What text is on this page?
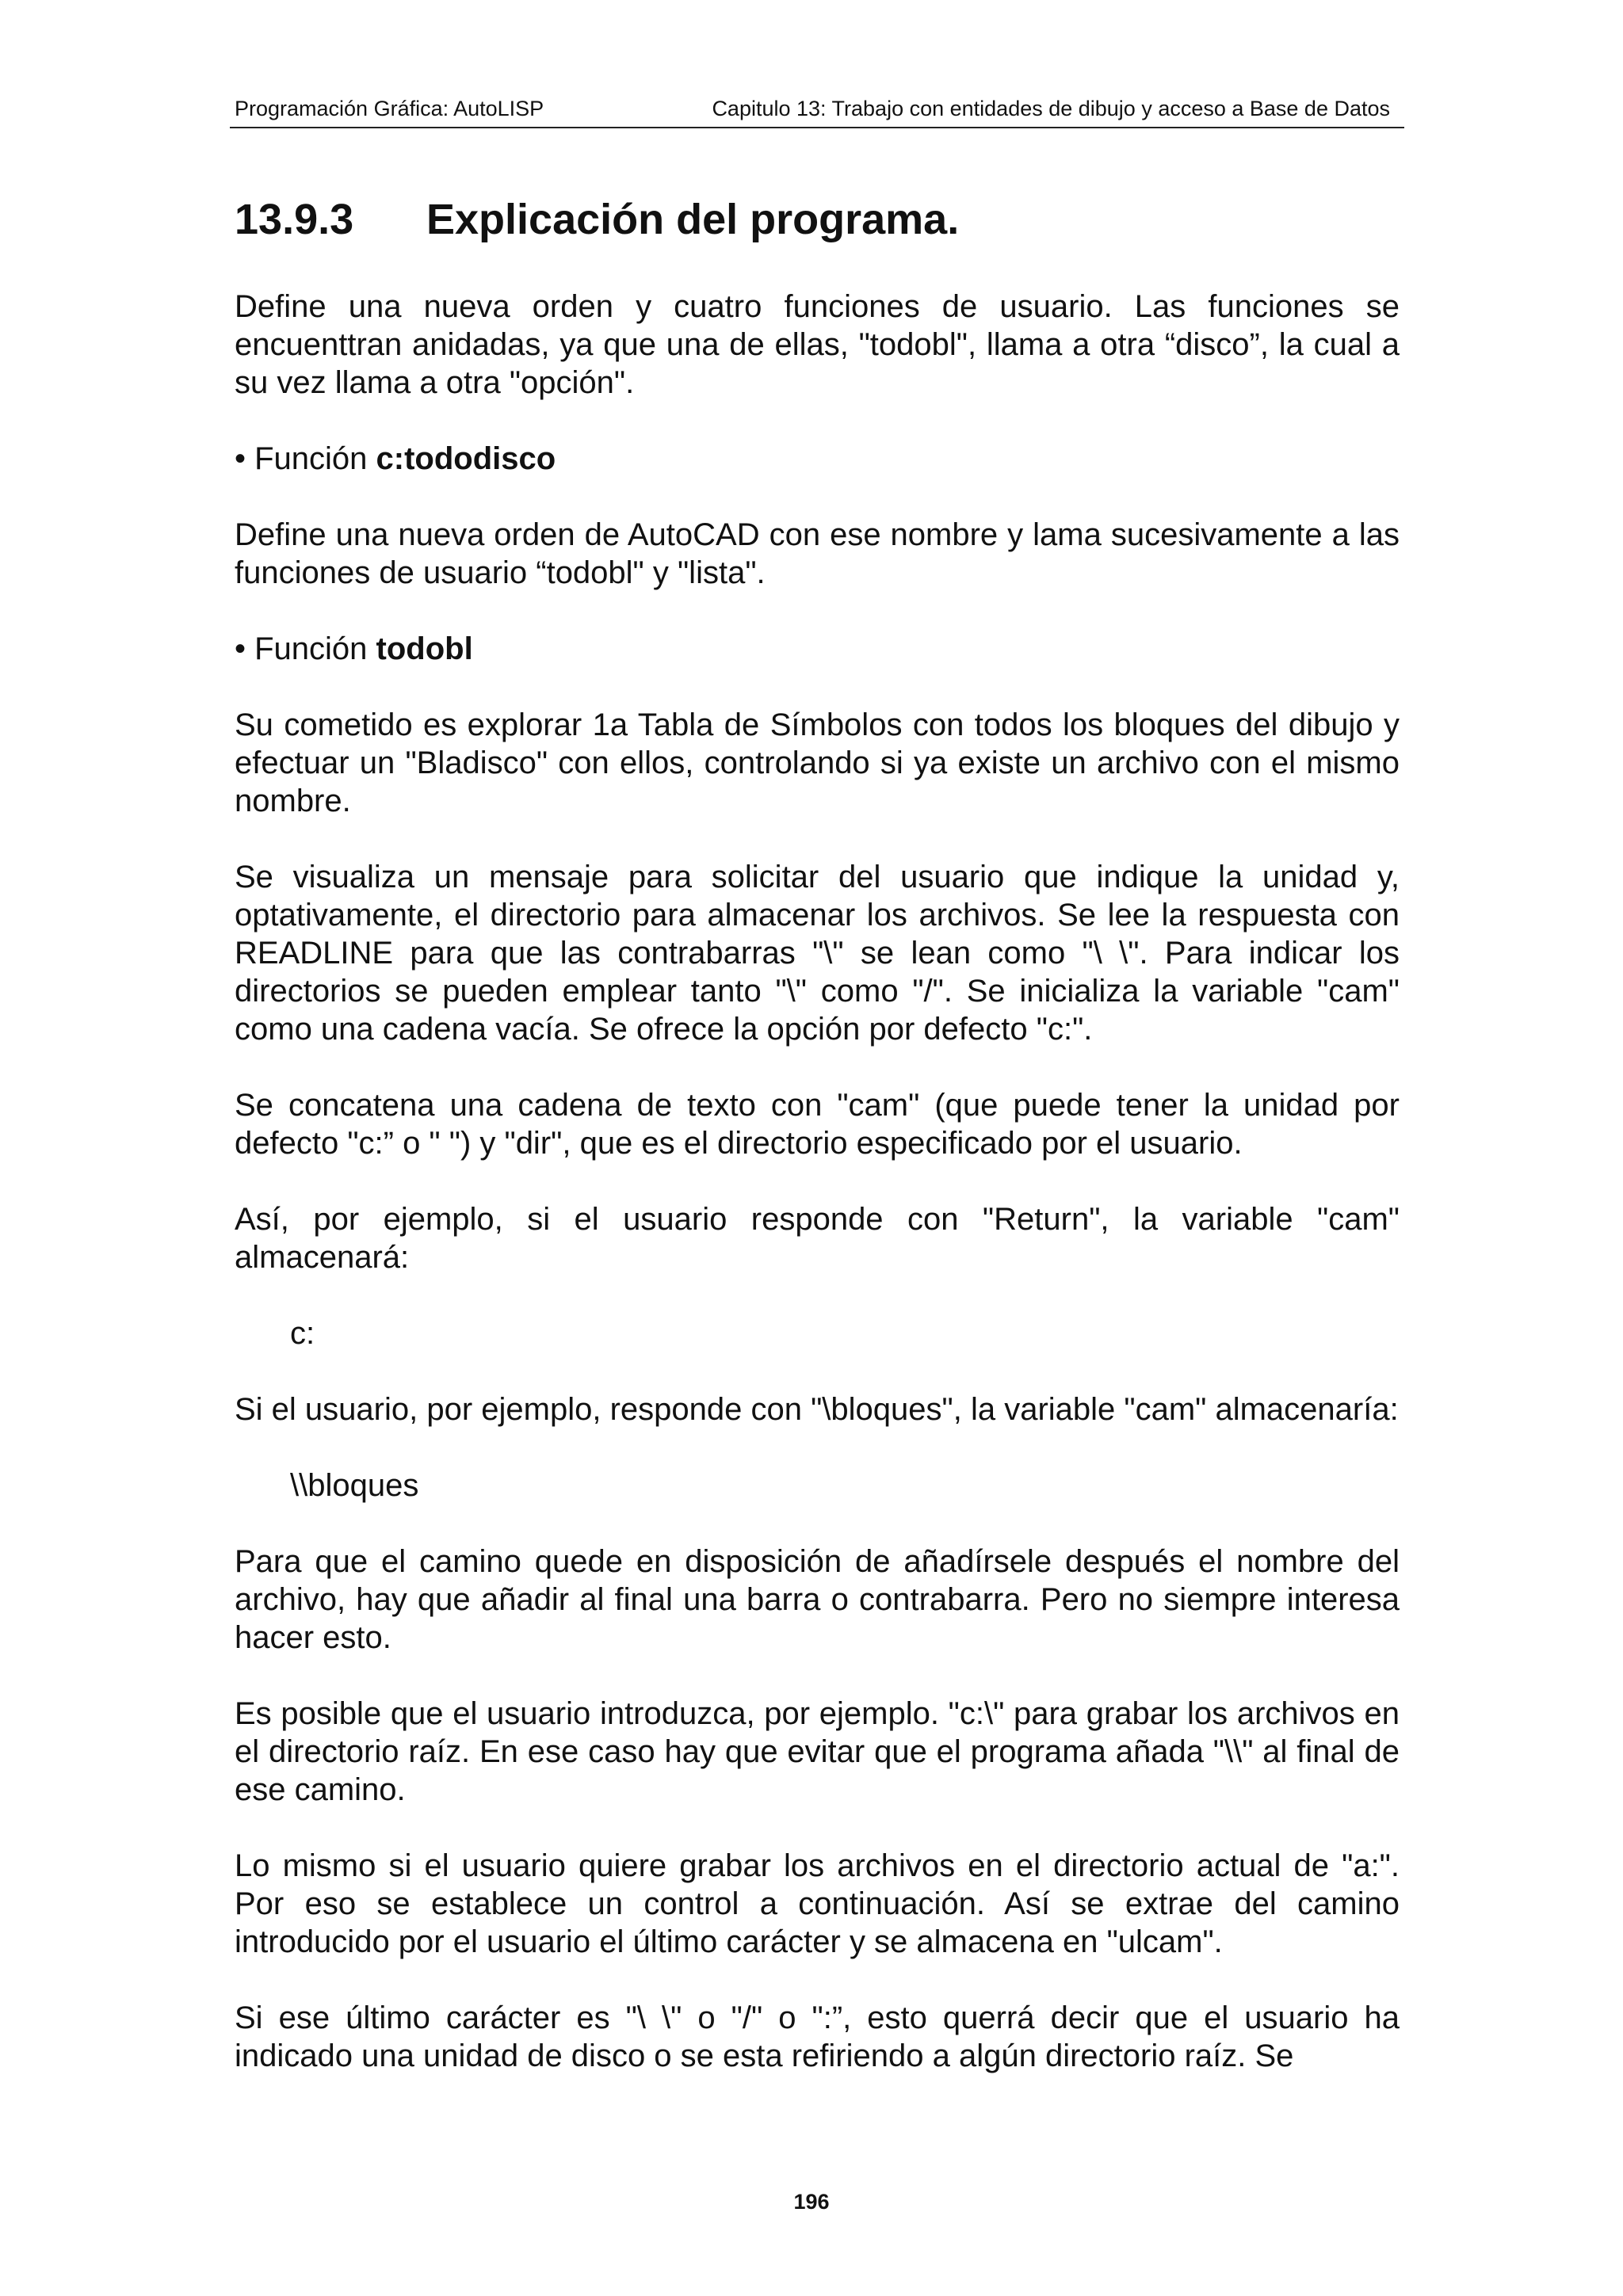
Programación Gráfica: AutoLISP	Capitulo 13: Trabajo con entidades de dibujo y acceso a Base de Datos
13.9.3 Explicación del programa.

Define una nueva orden y cuatro funciones de usuario. Las funciones se encuenttran anidadas, ya que una de ellas, "todobl", llama a otra “disco”, la cual a su vez llama a otra "opción".

• Función c:tododisco

Define una nueva orden de AutoCAD con ese nombre y lama sucesivamente a las funciones de usuario “todobl" y "lista".

• Función todobl

Su cometido es explorar 1a Tabla de Símbolos con todos los bloques del dibujo y efectuar un "Bladisco" con ellos, controlando si ya existe un archivo con el mismo nombre.

Se visualiza un mensaje para solicitar del usuario que indique la unidad y, optativamente, el directorio para almacenar los archivos. Se lee la respuesta con READLINE para que las contrabarras "\" se lean como "\ \". Para indicar los directorios se pueden emplear tanto "\" como "/". Se inicializa la variable "cam" como una cadena vacía. Se ofrece la opción por defecto "c:".

Se concatena una cadena de texto con "cam" (que puede tener la unidad por defecto "c:” o " ") y "dir", que es el directorio especificado por el usuario.

Así, por ejemplo, si el usuario responde con "Return", la variable "cam" almacenará:

c:

Si el usuario, por ejemplo, responde con "\bloques", la variable "cam" almacenaría:

\\bloques

Para que el camino quede en disposición de añadírsele después el nombre del archivo, hay que añadir al final una barra o contrabarra. Pero no siempre interesa hacer esto.

Es posible que el usuario introduzca, por ejemplo. "c:\" para grabar los archivos en el directorio raíz. En ese caso hay que evitar que el programa añada "\\" al final de ese camino.

Lo mismo si el usuario quiere grabar los archivos en el directorio actual de "a:". Por eso se establece un control a continuación. Así se extrae del camino introducido por el usuario el último carácter y se almacena en "ulcam".

Si ese último carácter es "\ \" o "/" o ":”, esto querrá decir que el usuario ha indicado una unidad de disco o se esta refiriendo a algún directorio raíz. Se

196
